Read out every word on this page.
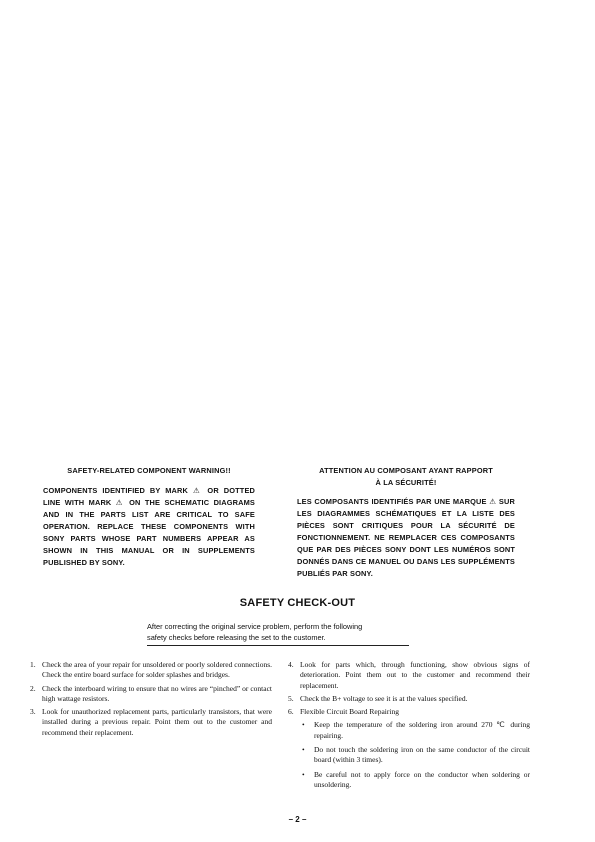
SAFETY-RELATED COMPONENT WARNING!!
COMPONENTS IDENTIFIED BY MARK ⚠ OR DOTTED LINE WITH MARK ⚠ ON THE SCHEMATIC DIAGRAMS AND IN THE PARTS LIST ARE CRITICAL TO SAFE OPERATION. REPLACE THESE COMPONENTS WITH SONY PARTS WHOSE PART NUMBERS APPEAR AS SHOWN IN THIS MANUAL OR IN SUPPLEMENTS PUBLISHED BY SONY.
ATTENTION AU COMPOSANT AYANT RAPPORT
À LA SÉCURITÉ!
LES COMPOSANTS IDENTIFIÉS PAR UNE MARQUE ⚠ SUR LES DIAGRAMMES SCHÉMATIQUES ET LA LISTE DES PIÈCES SONT CRITIQUES POUR LA SÉCURITÉ DE FONCTIONNEMENT. NE REMPLACER CES COMPOSANTS QUE PAR DES PIÈCES SONY DONT LES NUMÉROS SONT DONNÉS DANS CE MANUEL OU DANS LES SUPPLÉMENTS PUBLIÉS PAR SONY.
SAFETY CHECK-OUT
After correcting the original service problem, perform the following
safety checks before releasing the set to the customer.
1. Check the area of your repair for unsoldered or poorly soldered connections. Check the entire board surface for solder splashes and bridges.
2. Check the interboard wiring to ensure that no wires are “pinched” or contact high wattage resistors.
3. Look for unauthorized replacement parts, particularly transistors, that were installed during a previous repair. Point them out to the customer and recommend their replacement.
4. Look for parts which, through functioning, show obvious signs of deterioration. Point them out to the customer and recommend their replacement.
5. Check the B+ voltage to see it is at the values specified.
6. Flexible Circuit Board Repairing
• Keep the temperature of the soldering iron around 270 ℃ during repairing.
• Do not touch the soldering iron on the same conductor of the circuit board (within 3 times).
• Be careful not to apply force on the conductor when soldering or unsoldering.
– 2 –
